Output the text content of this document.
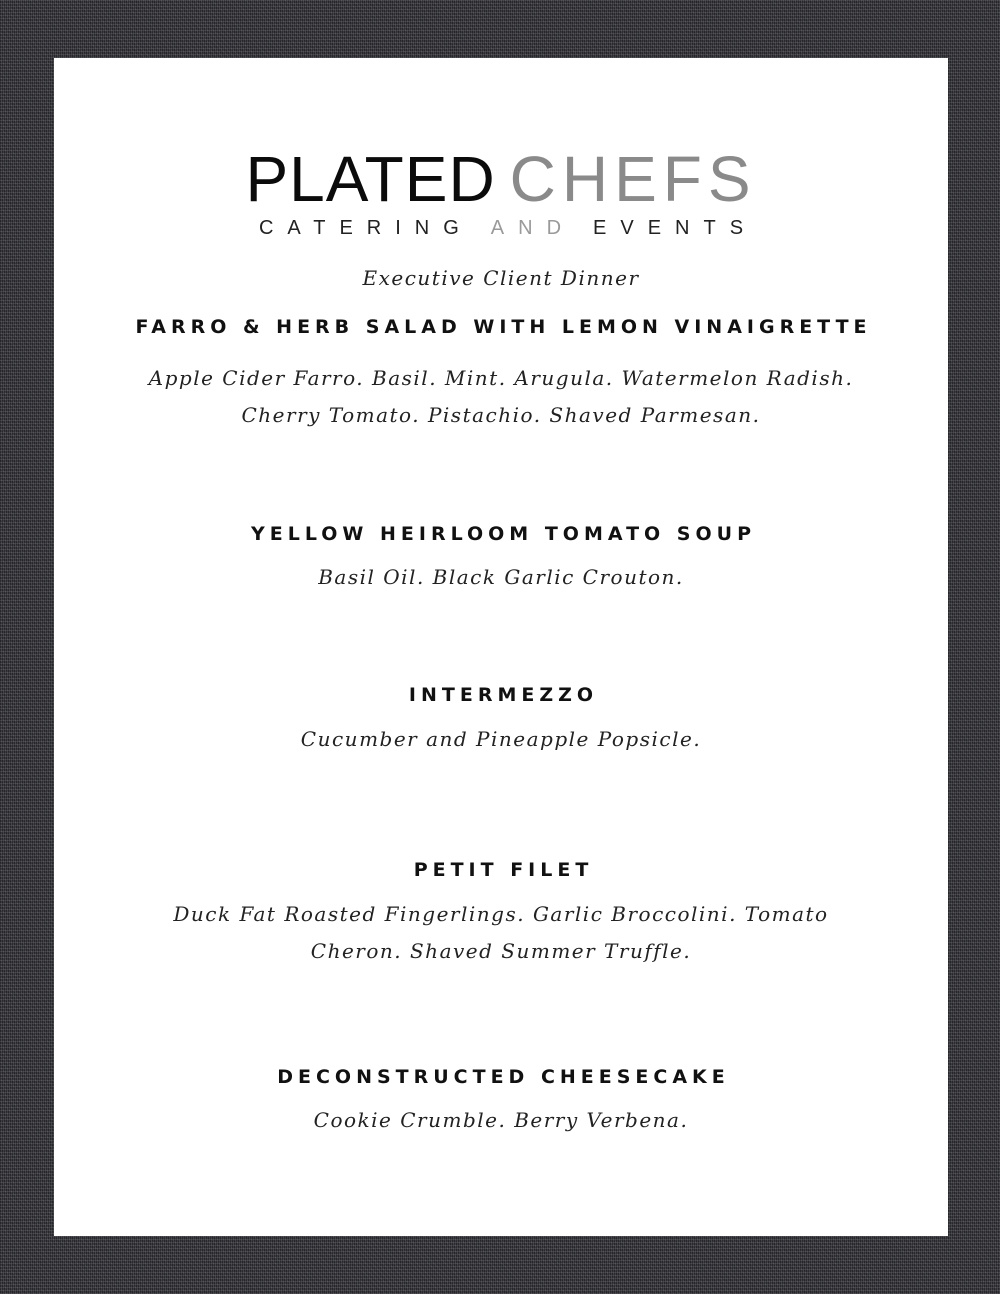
PLATED CHEFS
CATERING AND EVENTS
Executive Client Dinner
FARRO & HERB SALAD WITH LEMON VINAIGRETTE
Apple Cider Farro. Basil. Mint. Arugula. Watermelon Radish.
Cherry Tomato. Pistachio. Shaved Parmesan.
YELLOW HEIRLOOM TOMATO SOUP
Basil Oil. Black Garlic Crouton.
INTERMEZZO
Cucumber and Pineapple Popsicle.
PETIT FILET
Duck Fat Roasted Fingerlings. Garlic Broccolini. Tomato
Cheron. Shaved Summer Truffle.
DECONSTRUCTED CHEESECAKE
Cookie Crumble. Berry Verbena.
